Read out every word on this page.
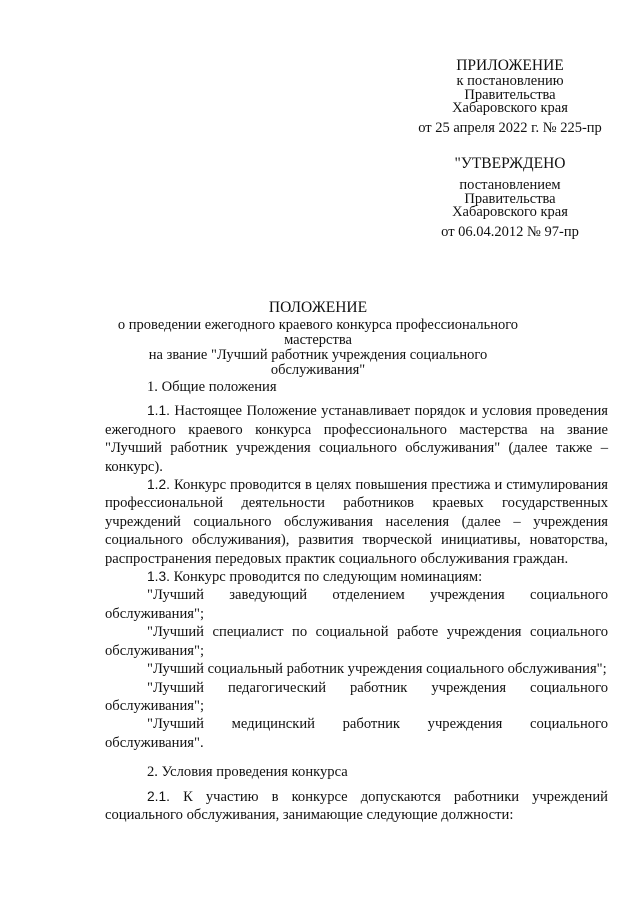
ПРИЛОЖЕНИЕ
к постановлению
Правительства
Хабаровского края
от 25 апреля 2022 г. № 225-пр
"УТВЕРЖДЕНО
постановлением
Правительства
Хабаровского края
от 06.04.2012 № 97-пр
ПОЛОЖЕНИЕ
о проведении ежегодного краевого конкурса профессионального мастерства
на звание "Лучший работник учреждения социального обслуживания"

1. Общие положения

1.1. Настоящее Положение устанавливает порядок и условия проведения ежегодного краевого конкурса профессионального мастерства на звание "Лучший работник учреждения социального обслуживания" (далее также – конкурс).

1.2. Конкурс проводится в целях повышения престижа и стимулирования профессиональной деятельности работников краевых государственных учреждений социального обслуживания населения (далее – учреждения социального обслуживания), развития творческой инициативы, новаторства, распространения передовых практик социального обслуживания граждан.

1.3. Конкурс проводится по следующим номинациям:

"Лучший заведующий отделением учреждения социального обслуживания";

"Лучший специалист по социальной работе учреждения социального обслуживания";

"Лучший социальный работник учреждения социального обслуживания";

"Лучший педагогический работник учреждения социального обслуживания";

"Лучший медицинский работник учреждения социального обслуживания".

2. Условия проведения конкурса

2.1. К участию в конкурсе допускаются работники учреждений социального обслуживания, занимающие следующие должности:
